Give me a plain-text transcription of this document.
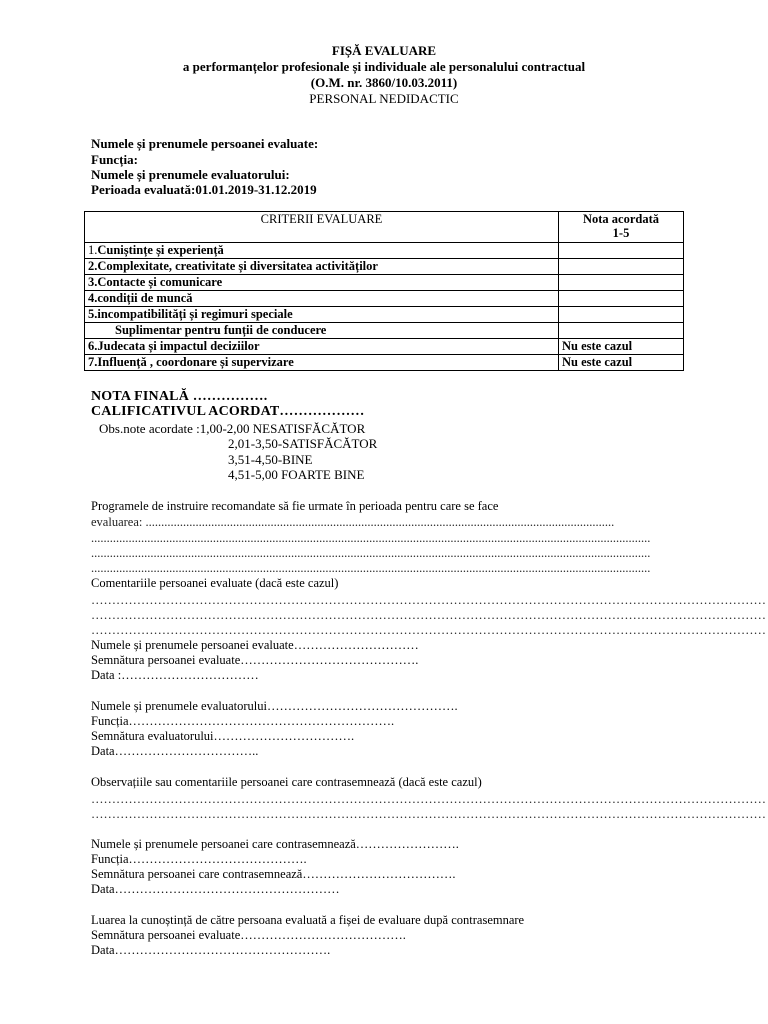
FIȘĂ EVALUARE
a performanțelor profesionale și individuale ale personalului contractual
(O.M. nr. 3860/10.03.2011)
PERSONAL NEDIDACTIC
Numele și prenumele persoanei evaluate:
Funcția:
Numele și prenumele evaluatorului:
Perioada evaluată:01.01.2019-31.12.2019
CRITERII EVALUARE	Nota acordată
1-5
1.Cuniștințe și experiență	
2.Complexitate, creativitate și diversitatea activităților	
3.Contacte și comunicare	
4.condiții de muncă	
5.incompatibilități și regimuri speciale	
Suplimentar pentru funții de conducere	
6.Judecata și impactul deciziilor	Nu este cazul
7.Influență , coordonare și supervizare	Nu este cazul
NOTA FINALĂ …………….
CALIFICATIVUL ACORDAT………………
Obs.note acordate :1,00-2,00 NESATISFĂCĂTOR
2,01-3,50-SATISFĂCĂTOR
3,51-4,50-BINE
4,51-5,00 FOARTE BINE
Programele de instruire recomandate să fie urmate în perioada pentru care se face
evaluarea: ......................................................................................................................................................
...................................................................................................................................................................................
...................................................................................................................................................................................
...................................................................................................................................................................................
Comentariile persoanei evaluate (dacă este cazul)
………………………………………………………………………………………………………………………………………………
………………………………………………………………………………………………………………………………………………
………………………………………………………………………………………………………………………………………………
Numele și prenumele persoanei evaluate…………………………
Semnătura persoanei evaluate…………………………………….
Data :……………………………
Numele și prenumele evaluatorului……………………………………….
Funcția……………………………………………………….
Semnătura evaluatorului…………………………….
Data……………………………..
Observațiile sau comentariile persoanei care contrasemnează (dacă este cazul)
………………………………………………………………………………………………………………………………………………
………………………………………………………………………………………………………………………………………………
Numele și prenumele persoanei care contrasemnează…………………….
Funcția…………………………………….
Semnătura persoanei care contrasemnează……………………………….
Data………………………………………………
Luarea la cunoștință de către persoana evaluată a fișei de evaluare după contrasemnare
Semnătura persoanei evaluate………………………………….
Data…………………………………………….
